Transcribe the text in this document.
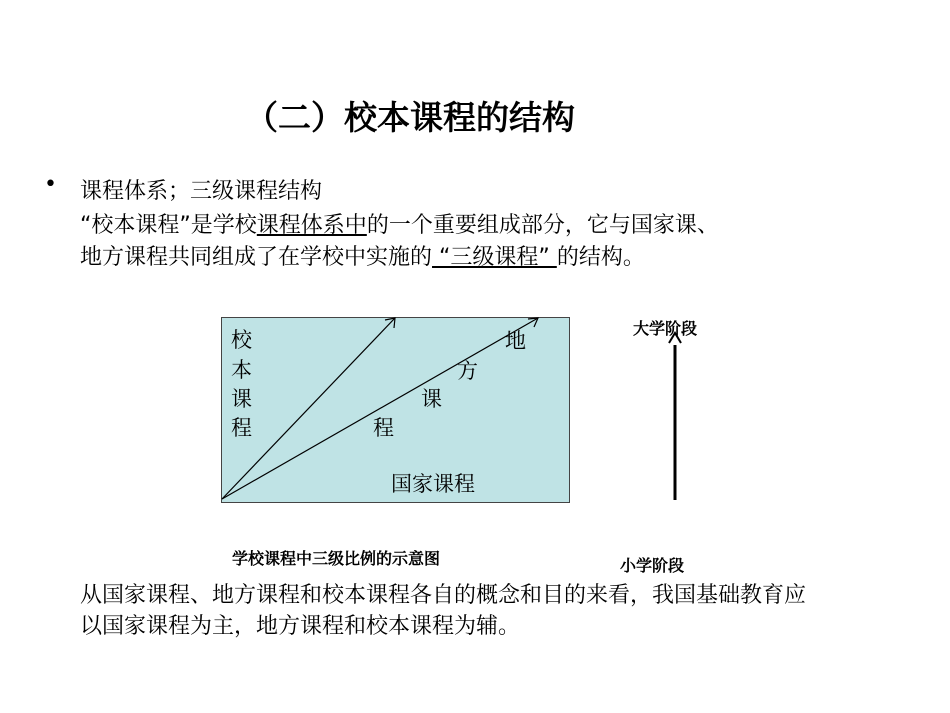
（二）校本课程的结构
• 课程体系；三级课程结构
“校本课程”是学校课程体系中的一个重要组成部分，它与国家课、
地方课程共同组成了在学校中实施的 “三级课程” 的结构。
校
本
课
程
地
方
课
程
国家课程
学校课程中三级比例的示意图
大学阶段
小学阶段
从国家课程、地方课程和校本课程各自的概念和目的来看，我国基础教育应
以国家课程为主，地方课程和校本课程为辅。
